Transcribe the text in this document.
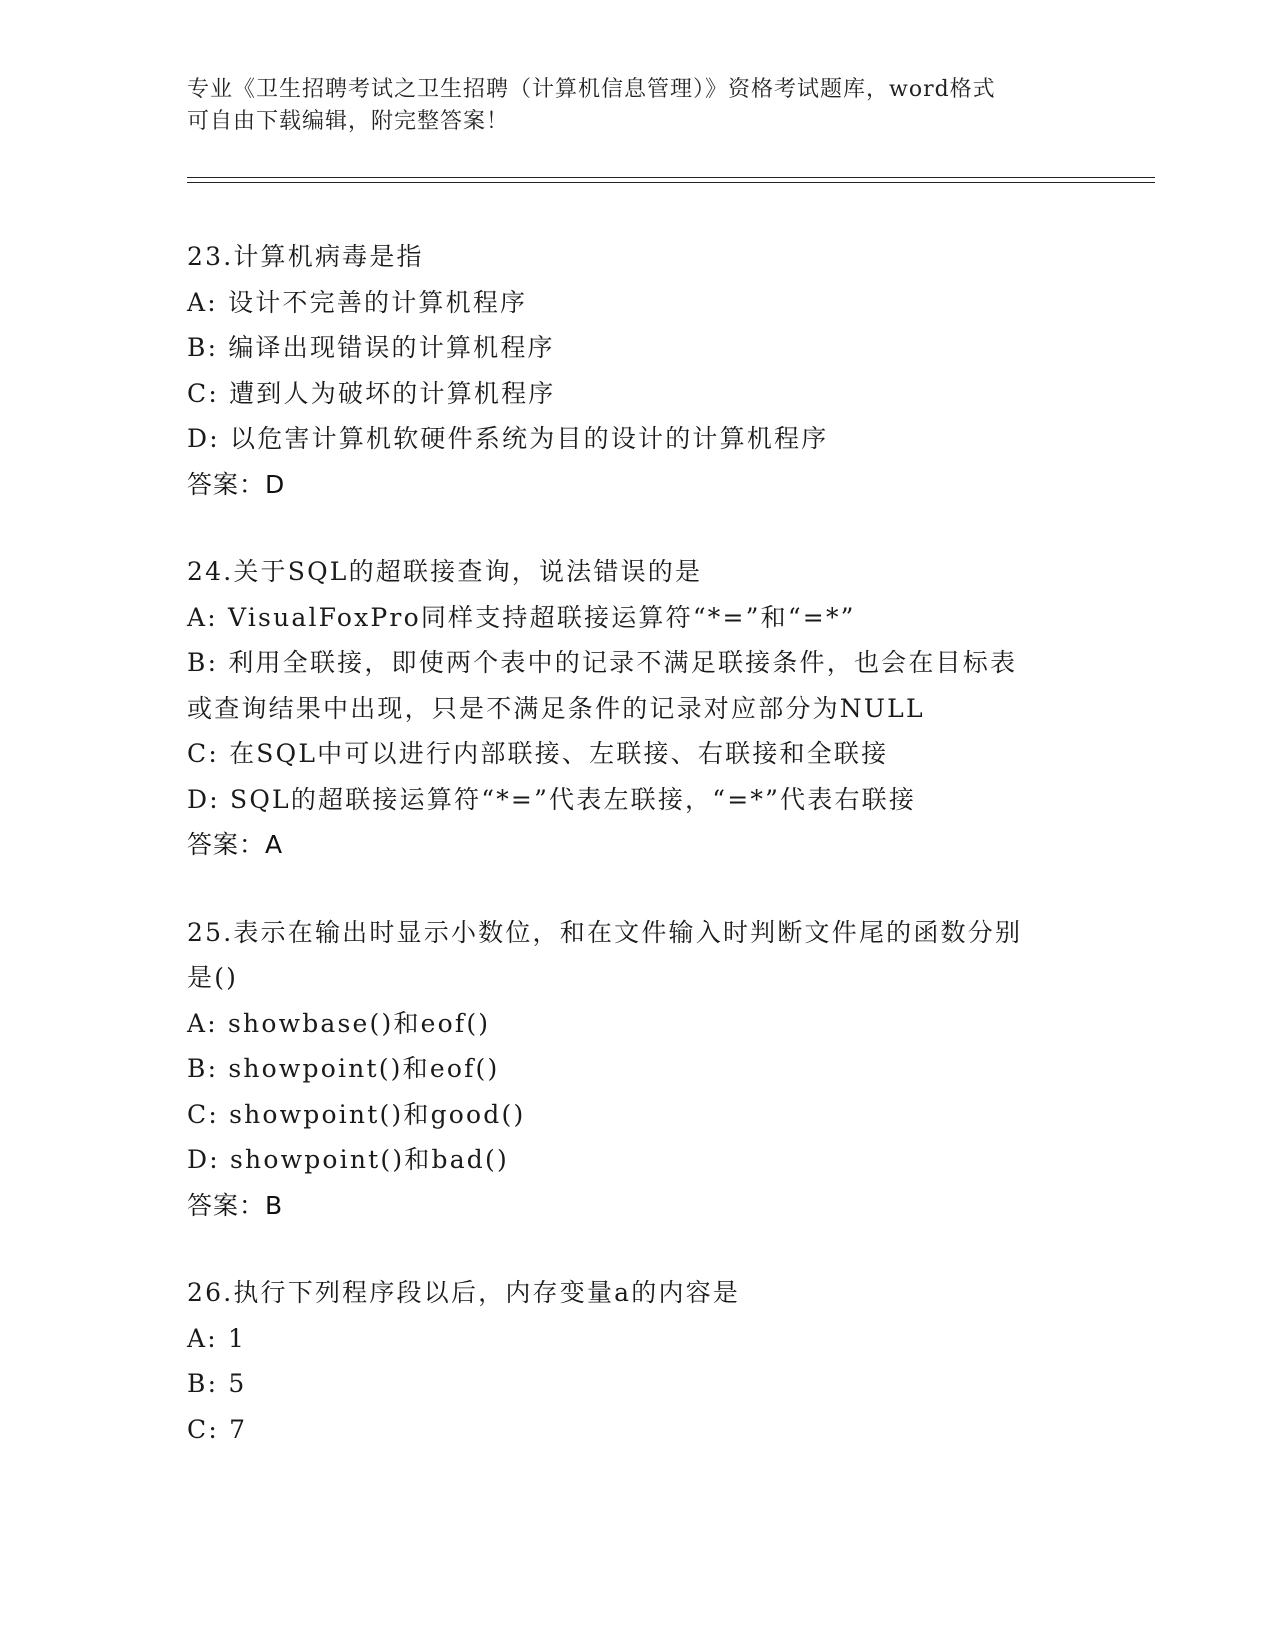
专业《卫生招聘考试之卫生招聘（计算机信息管理）》资格考试题库，word格式
可自由下载编辑，附完整答案！
23.计算机病毒是指
A: 设计不完善的计算机程序
B: 编译出现错误的计算机程序
C: 遭到人为破坏的计算机程序
D: 以危害计算机软硬件系统为目的设计的计算机程序
答案：D
24.关于SQL的超联接查询，说法错误的是
A: VisualFoxPro同样支持超联接运算符“*=”和“=*”
B: 利用全联接，即使两个表中的记录不满足联接条件，也会在目标表
或查询结果中出现，只是不满足条件的记录对应部分为NULL
C: 在SQL中可以进行内部联接、左联接、右联接和全联接
D: SQL的超联接运算符“*=”代表左联接，“=*”代表右联接
答案：A
25.表示在输出时显示小数位，和在文件输入时判断文件尾的函数分别
是()
A: showbase()和eof()
B: showpoint()和eof()
C: showpoint()和good()
D: showpoint()和bad()
答案：B
26.执行下列程序段以后，内存变量a的内容是
A: 1
B: 5
C: 7
